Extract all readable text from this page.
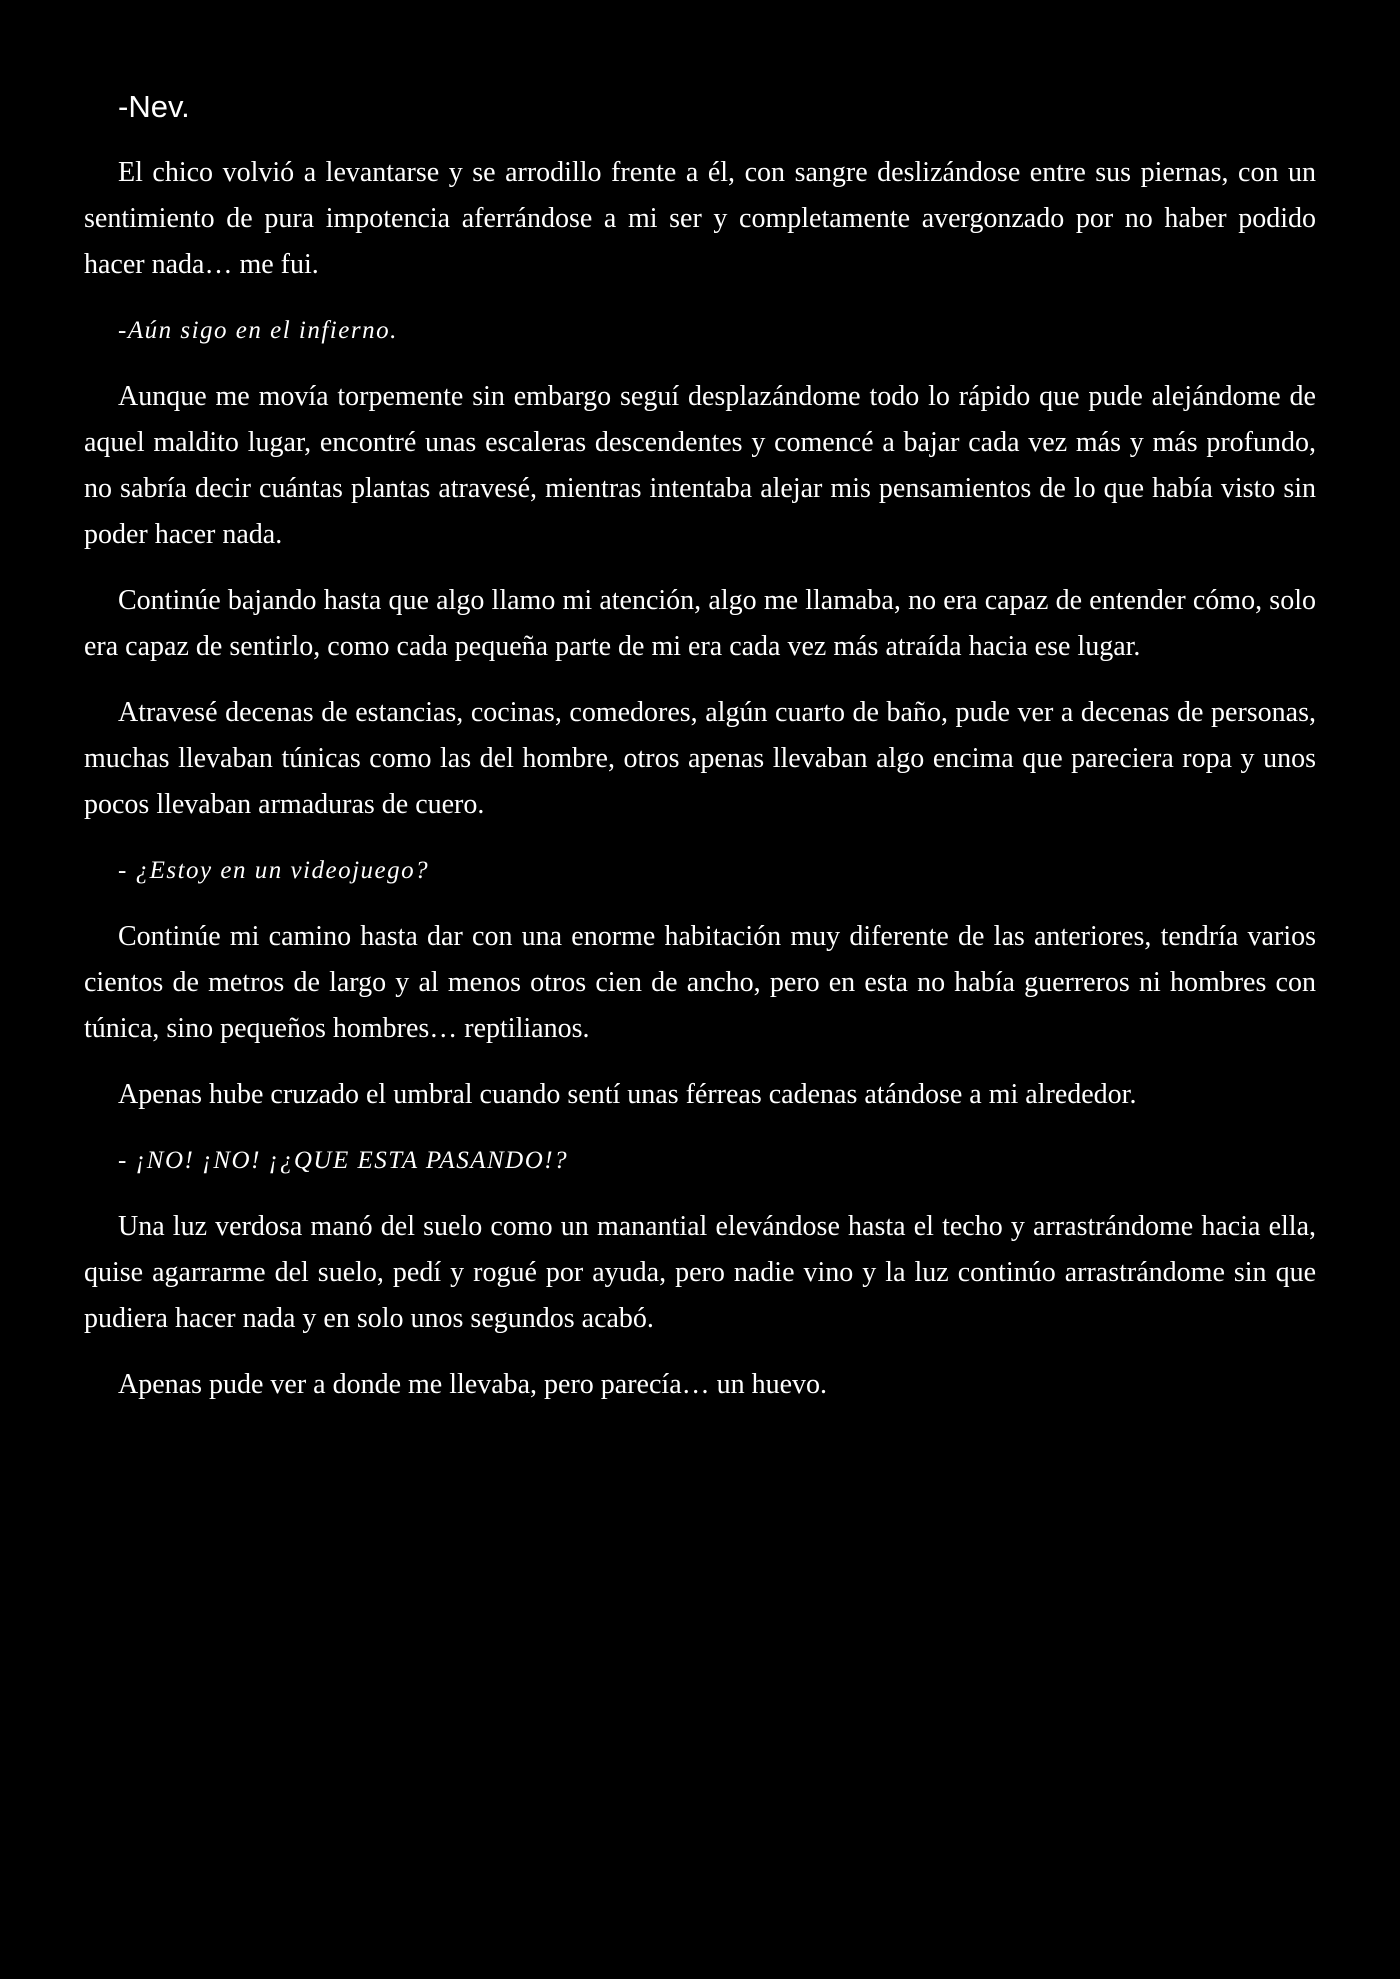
-Nev.

El chico volvió a levantarse y se arrodillo frente a él, con sangre deslizándose entre sus piernas, con un sentimiento de pura impotencia aferrándose a mi ser y completamente avergonzado por no haber podido hacer nada… me fui.

-Aún sigo en el infierno.

Aunque me movía torpemente sin embargo seguí desplazándome todo lo rápido que pude alejándome de aquel maldito lugar, encontré unas escaleras descendentes y comencé a bajar cada vez más y más profundo, no sabría decir cuántas plantas atravesé, mientras intentaba alejar mis pensamientos de lo que había visto sin poder hacer nada.

Continúe bajando hasta que algo llamo mi atención, algo me llamaba, no era capaz de entender cómo, solo era capaz de sentirlo, como cada pequeña parte de mi era cada vez más atraída hacia ese lugar.

Atravesé decenas de estancias, cocinas, comedores, algún cuarto de baño, pude ver a decenas de personas, muchas llevaban túnicas como las del hombre, otros apenas llevaban algo encima que pareciera ropa y unos pocos llevaban armaduras de cuero.

- ¿Estoy en un videojuego?

Continúe mi camino hasta dar con una enorme habitación muy diferente de las anteriores, tendría varios cientos de metros de largo y al menos otros cien de ancho, pero en esta no había guerreros ni hombres con túnica, sino pequeños hombres… reptilianos.

Apenas hube cruzado el umbral cuando sentí unas férreas cadenas atándose a mi alrededor.

- ¡NO! ¡NO! ¡¿QUE ESTA PASANDO!?

Una luz verdosa manó del suelo como un manantial elevándose hasta el techo y arrastrándome hacia ella, quise agarrarme del suelo, pedí y rogué por ayuda, pero nadie vino y la luz continúo arrastrándome sin que pudiera hacer nada y en solo unos segundos acabó.

Apenas pude ver a donde me llevaba, pero parecía… un huevo.
